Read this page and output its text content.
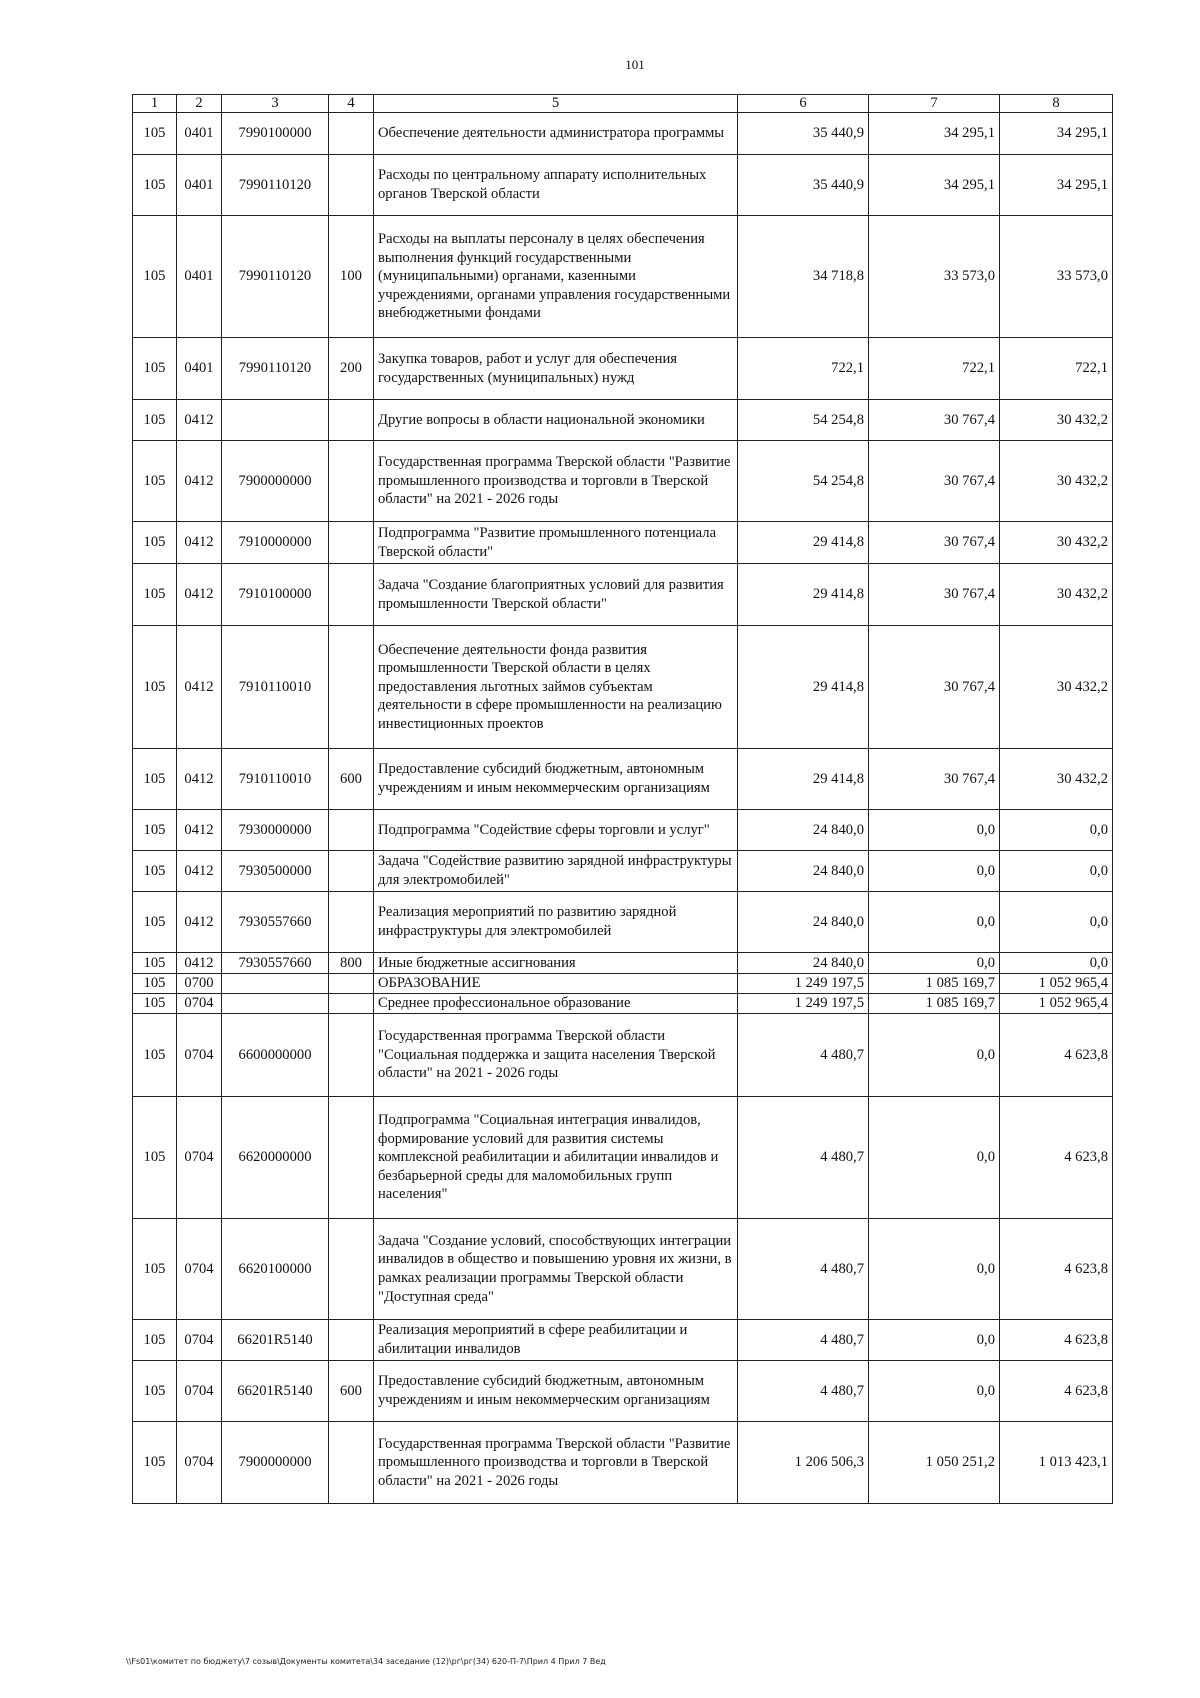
101
1	2	3	4	5	6	7	8
105	0401	7990100000		Обеспечение деятельности администратора программы	35 440,9	34 295,1	34 295,1
105	0401	7990110120		Расходы по центральному аппарату исполнительных органов Тверской области	35 440,9	34 295,1	34 295,1
105	0401	7990110120	100	Расходы на выплаты персоналу в целях обеспечения выполнения функций государственными (муниципальными) органами, казенными учреждениями, органами управления государственными внебюджетными фондами	34 718,8	33 573,0	33 573,0
105	0401	7990110120	200	Закупка товаров, работ и услуг для обеспечения государственных (муниципальных) нужд	722,1	722,1	722,1
105	0412			Другие вопросы в области национальной экономики	54 254,8	30 767,4	30 432,2
105	0412	7900000000		Государственная программа Тверской области "Развитие промышленного производства и торговли в Тверской области" на 2021 - 2026 годы	54 254,8	30 767,4	30 432,2
105	0412	7910000000		Подпрограмма "Развитие промышленного потенциала Тверской области"	29 414,8	30 767,4	30 432,2
105	0412	7910100000		Задача "Создание благоприятных условий для развития промышленности Тверской области"	29 414,8	30 767,4	30 432,2
105	0412	7910110010		Обеспечение деятельности фонда развития промышленности Тверской области в целях предоставления льготных займов субъектам деятельности в сфере промышленности на реализацию инвестиционных проектов	29 414,8	30 767,4	30 432,2
105	0412	7910110010	600	Предоставление субсидий бюджетным, автономным учреждениям и иным некоммерческим организациям	29 414,8	30 767,4	30 432,2
105	0412	7930000000		Подпрограмма "Содействие сферы торговли и услуг"	24 840,0	0,0	0,0
105	0412	7930500000		Задача "Содействие развитию зарядной инфраструктуры для электромобилей"	24 840,0	0,0	0,0
105	0412	7930557660		Реализация мероприятий по развитию зарядной инфраструктуры для электромобилей	24 840,0	0,0	0,0
105	0412	7930557660	800	Иные бюджетные ассигнования	24 840,0	0,0	0,0
105	0700			ОБРАЗОВАНИЕ	1 249 197,5	1 085 169,7	1 052 965,4
105	0704			Среднее профессиональное образование	1 249 197,5	1 085 169,7	1 052 965,4
105	0704	6600000000		Государственная программа Тверской области "Социальная поддержка и защита населения Тверской области" на 2021 - 2026 годы	4 480,7	0,0	4 623,8
105	0704	6620000000		Подпрограмма "Социальная интеграция инвалидов, формирование условий для развития системы комплексной реабилитации и абилитации инвалидов и безбарьерной среды для маломобильных групп населения"	4 480,7	0,0	4 623,8
105	0704	6620100000		Задача "Создание условий, способствующих интеграции инвалидов в общество и повышению уровня их жизни, в рамках реализации программы Тверской области "Доступная среда"	4 480,7	0,0	4 623,8
105	0704	66201R5140		Реализация мероприятий в сфере реабилитации и абилитации инвалидов	4 480,7	0,0	4 623,8
105	0704	66201R5140	600	Предоставление субсидий бюджетным, автономным учреждениям и иным некоммерческим организациям	4 480,7	0,0	4 623,8
105	0704	7900000000		Государственная программа Тверской области "Развитие промышленного производства и торговли в Тверской области" на 2021 - 2026 годы	1 206 506,3	1 050 251,2	1 013 423,1
\\Fs01\комитет по бюджету\7 созыв\Документы комитета\34 заседание (12)\рг\рг(34) 620-П-7\Прил 4 Прил 7 Вед
